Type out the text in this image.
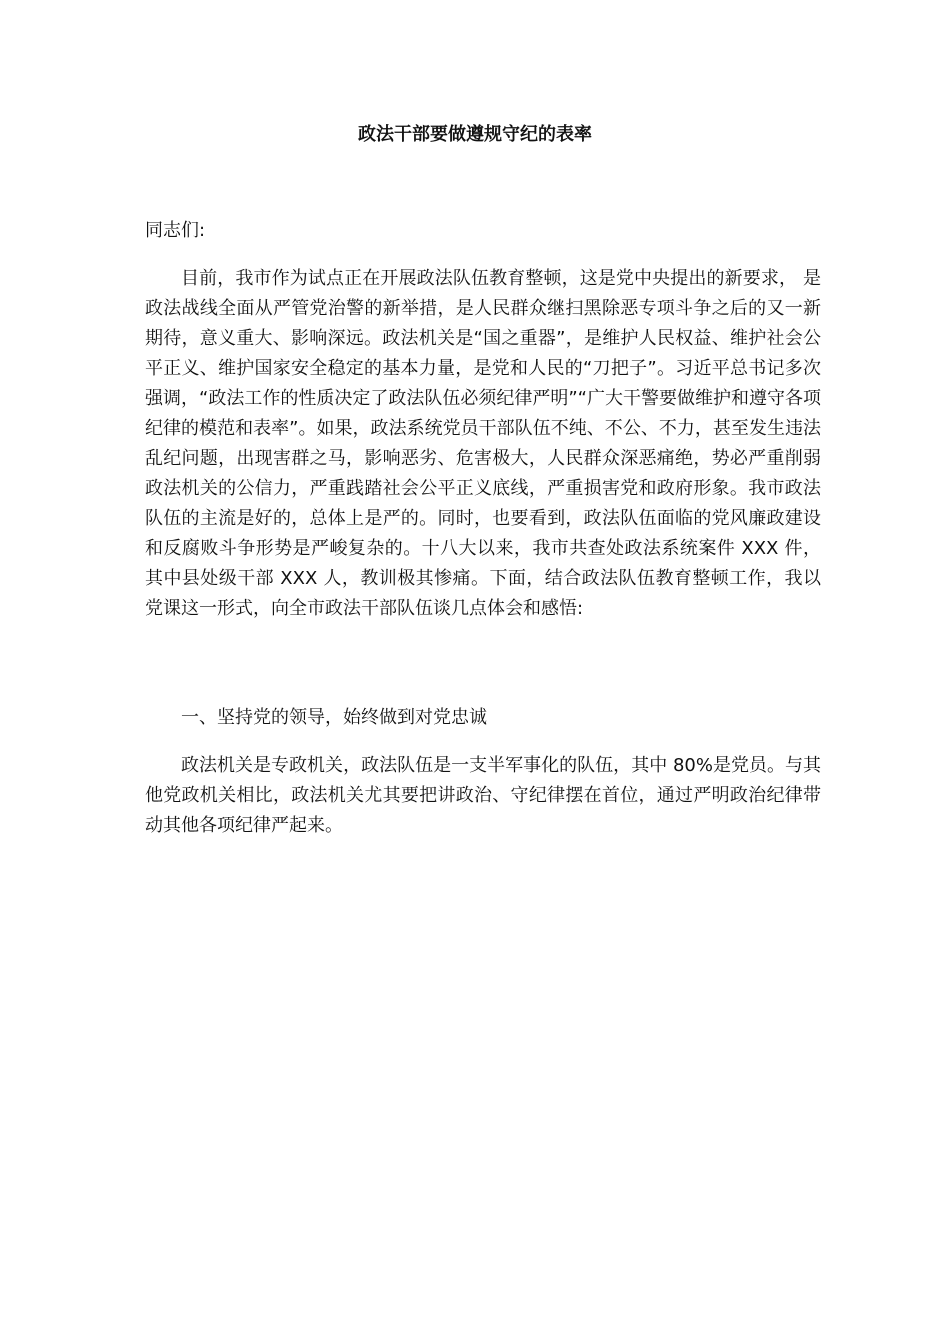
政法干部要做遵规守纪的表率
同志们:
目前，我市作为试点正在开展政法队伍教育整顿，这是党中央提出的新要求， 是政法战线全面从严管党治警的新举措，是人民群众继扫黑除恶专项斗争之后的又一新期待，意义重大、影响深远。政法机关是“国之重器”，是维护人民权益、维护社会公平正义、维护国家安全稳定的基本力量，是党和人民的“刀把子”。习近平总书记多次强调，“政法工作的性质决定了政法队伍必须纪律严明”“广大干警要做维护和遵守各项纪律的模范和表率”。如果，政法系统党员干部队伍不纯、不公、不力，甚至发生违法乱纪问题，出现害群之马，影响恶劣、危害极大，人民群众深恶痛绝，势必严重削弱政法机关的公信力，严重践踏社会公平正义底线，严重损害党和政府形象。我市政法队伍的主流是好的，总体上是严的。同时，也要看到，政法队伍面临的党风廉政建设和反腐败斗争形势是严峻复杂的。十八大以来，我市共查处政法系统案件 XXX 件，其中县处级干部 XXX 人，教训极其惨痛。下面，结合政法队伍教育整顿工作，我以党课这一形式，向全市政法干部队伍谈几点体会和感悟:
一、坚持党的领导，始终做到对党忠诚
政法机关是专政机关，政法队伍是一支半军事化的队伍，其中 80%是党员。与其他党政机关相比，政法机关尤其要把讲政治、守纪律摆在首位，通过严明政治纪律带动其他各项纪律严起来。
